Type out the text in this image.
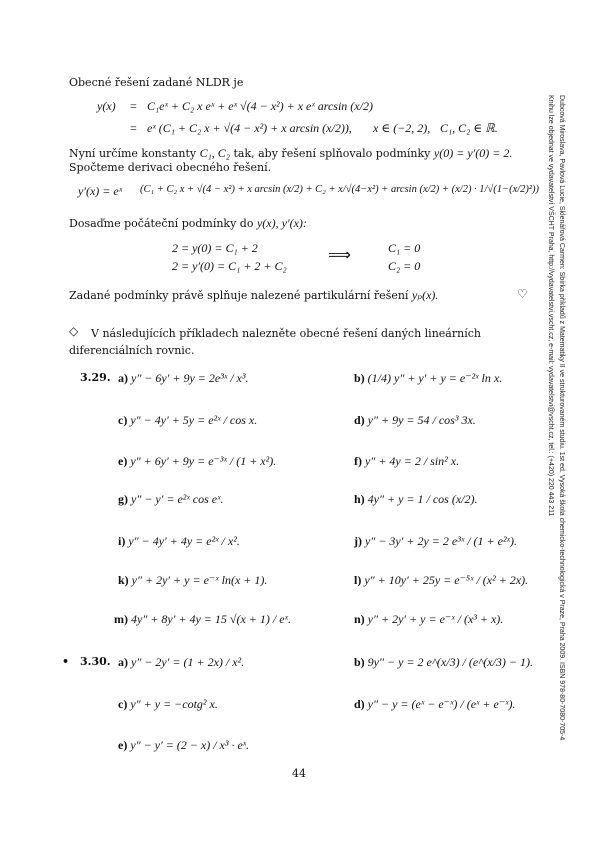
Dubcová Miroslava, Pavlová Lucie, Sklenářová Carmen: Sbírka příkladů z Matematiky II ve strukturovaném studiu. 1st ed. Vysoká škola chemicko-technologická v Praze, Praha 2009. ISBN 978-80-7080-705-4
Knihu lze objednat ve vydavatelství VŠCHT Praha, http://vydavatelstvi.vscht.cz, e-mail: vydavatelstvi@vscht.cz, tel.: (+420) 220 443 211
Obecné řešení zadané NLDR je
y(x) = C₁eˣ + C₂ x eˣ + eˣ √(4 − x²) + x eˣ arcsin (x/2)
= eˣ (C₁ + C₂ x + √(4 − x²) + x arcsin (x/2)), x ∈ (−2, 2), C₁, C₂ ∈ ℝ.
Nyní určíme konstanty C₁, C₂ tak, aby řešení splňovalo podmínky y(0) = y′(0) = 2.
Spočteme derivaci obecného řešení.
y′(x) = eˣ (C₁ + C₂ x + √(4 − x²) + x arcsin (x/2) + C₂ + x/√(4−x²) + arcsin (x/2) + (x/2) · 1/√(1−(x/2)²))
Dosaďme počáteční podmínky do y(x), y′(x):
2 = y(0) = C₁ + 2
2 = y′(0) = C₁ + 2 + C₂
⟹	C₁ = 0
C₂ = 0
Zadané podmínky právě splňuje nalezené partikulární řešení yₚ(x).	♡
◇	V následujících příkladech nalezněte obecné řešení daných lineárních diferenciálních rovnic.
3.29. a) y″ − 6y′ + 9y = 2e³ˣ / x³.	b) (1/4) y″ + y′ + y = e⁻²ˣ ln x.
c) y″ − 4y′ + 5y = e²ˣ / cos x.	d) y″ + 9y = 54 / cos³ 3x.
e) y″ + 6y′ + 9y = e⁻³ˣ / (1 + x²).	f) y″ + 4y = 2 / sin² x.
g) y″ − y′ = e²ˣ cos eˣ.	h) 4y″ + y = 1 / cos (x/2).
i) y″ − 4y′ + 4y = e²ˣ / x².	j) y″ − 3y′ + 2y = 2 e³ˣ / (1 + e²ˣ).
k) y″ + 2y′ + y = e⁻ˣ ln(x + 1).	l) y″ + 10y′ + 25y = e⁻⁵ˣ / (x² + 2x).
m) 4y″ + 8y′ + 4y = 15 √(x + 1) / eˣ.	n) y″ + 2y′ + y = e⁻ˣ / (x³ + x).
• 3.30. a) y″ − 2y′ = (1 + 2x) / x².	b) 9y″ − y = 2 e^(x/3) / (e^(x/3) − 1).
c) y″ + y = −cotg² x.	d) y″ − y = (eˣ − e⁻ˣ) / (eˣ + e⁻ˣ).
e) y″ − y′ = (2 − x) / x³ · eˣ.
44
